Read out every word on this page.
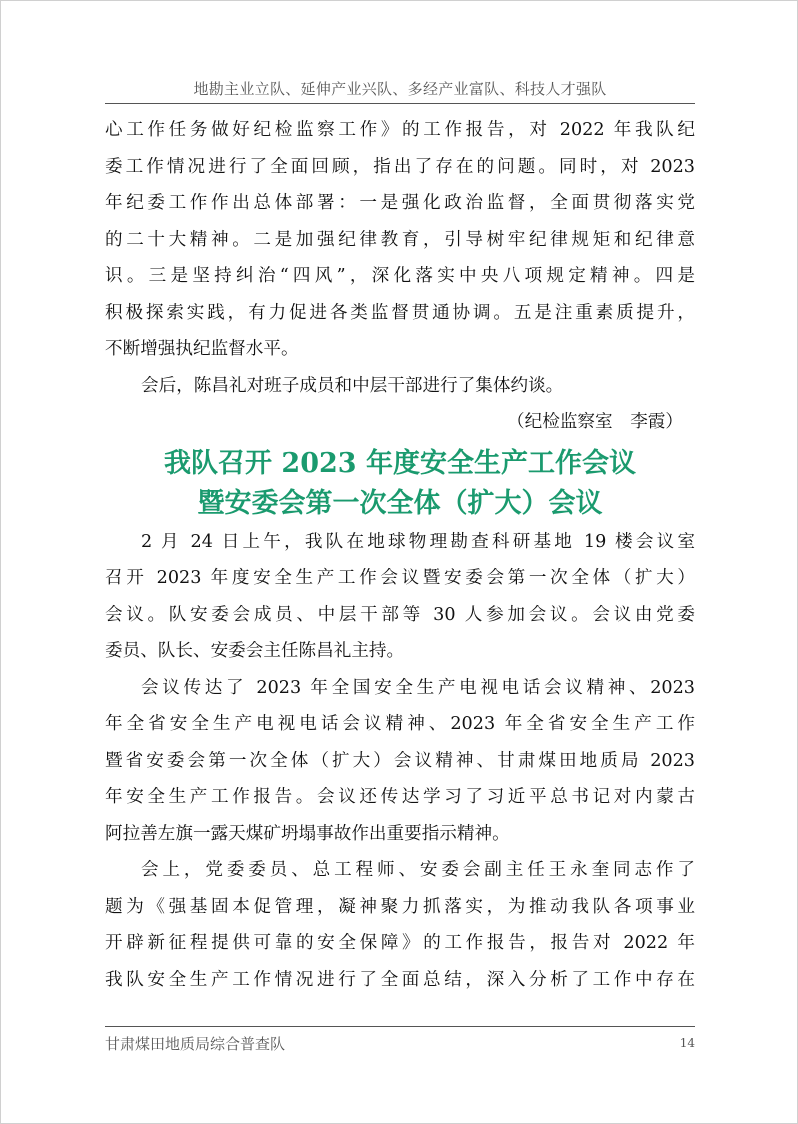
地勘主业立队、延伸产业兴队、多经产业富队、科技人才强队
心工作任务做好纪检监察工作》的工作报告，对 2022 年我队纪
委工作情况进行了全面回顾，指出了存在的问题。同时，对 2023
年纪委工作作出总体部署：一是强化政治监督，全面贯彻落实党
的二十大精神。二是加强纪律教育，引导树牢纪律规矩和纪律意
识。三是坚持纠治“四风”，深化落实中央八项规定精神。四是
积极探索实践，有力促进各类监督贯通协调。五是注重素质提升，
不断增强执纪监督水平。
会后，陈昌礼对班子成员和中层干部进行了集体约谈。
（纪检监察室　李霞）
我队召开 2023 年度安全生产工作会议
暨安委会第一次全体（扩大）会议
2 月 24 日上午，我队在地球物理勘查科研基地 19 楼会议室
召开 2023 年度安全生产工作会议暨安委会第一次全体（扩大）
会议。队安委会成员、中层干部等 30 人参加会议。会议由党委
委员、队长、安委会主任陈昌礼主持。
会议传达了 2023 年全国安全生产电视电话会议精神、2023
年全省安全生产电视电话会议精神、2023 年全省安全生产工作
暨省安委会第一次全体（扩大）会议精神、甘肃煤田地质局 2023
年安全生产工作报告。会议还传达学习了习近平总书记对内蒙古
阿拉善左旗一露天煤矿坍塌事故作出重要指示精神。
会上，党委委员、总工程师、安委会副主任王永奎同志作了
题为《强基固本促管理，凝神聚力抓落实，为推动我队各项事业
开辟新征程提供可靠的安全保障》的工作报告，报告对 2022 年
我队安全生产工作情况进行了全面总结，深入分析了工作中存在
甘肃煤田地质局综合普查队	14
